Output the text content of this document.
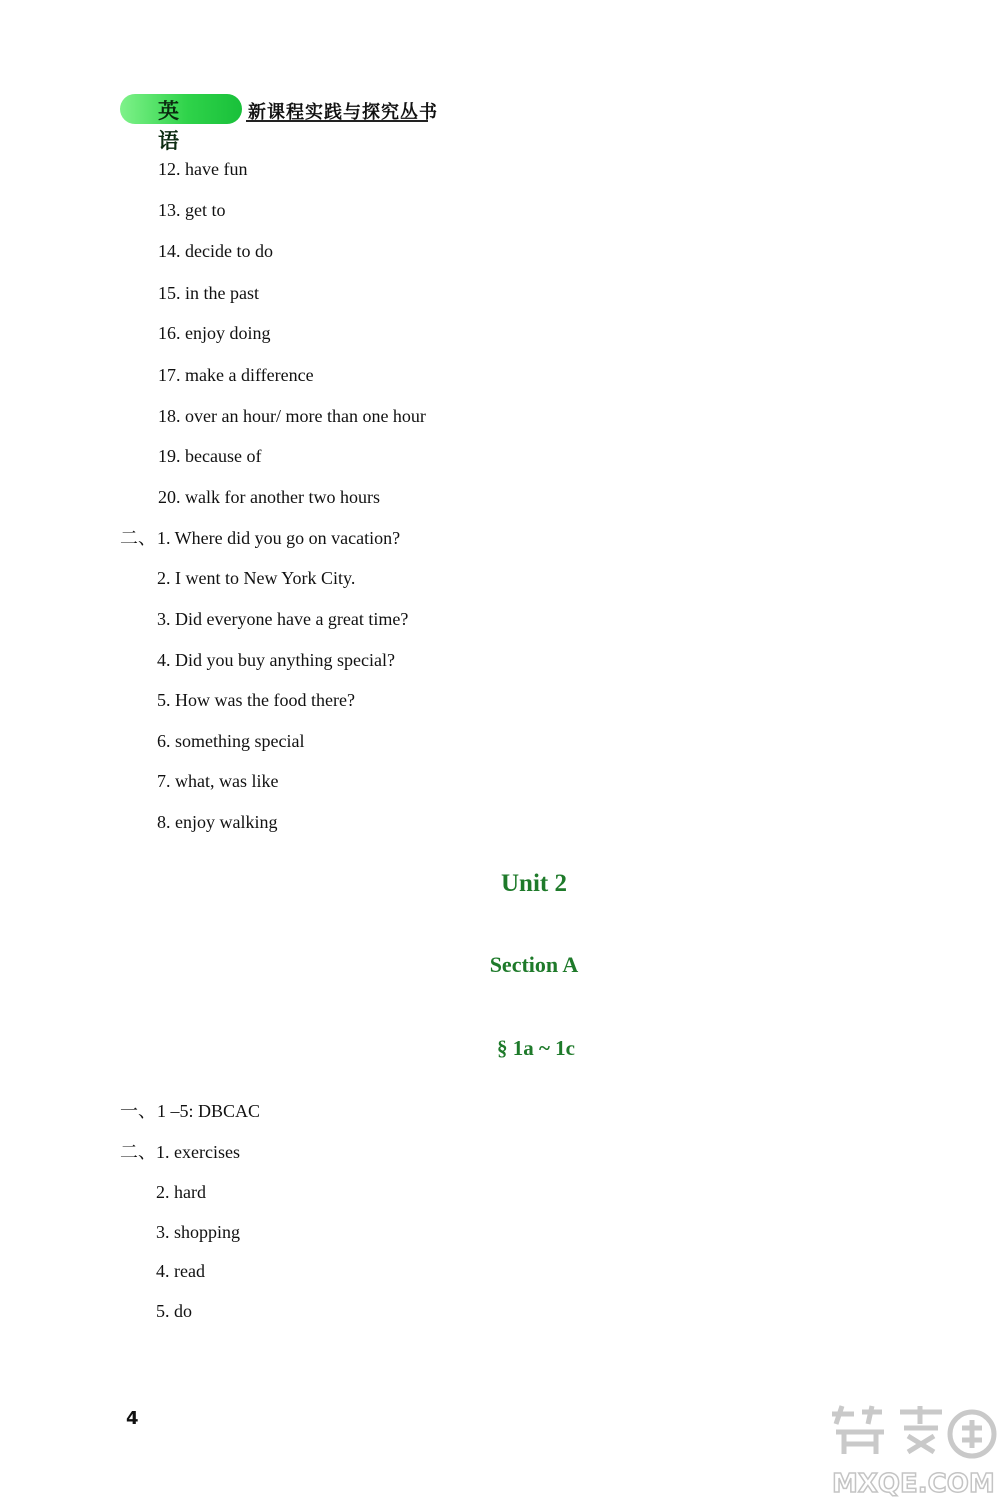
英语
新课程实践与探究丛书
12. have fun
13. get to
14. decide to do
15. in the past
16. enjoy doing
17. make a difference
18. over an hour/ more than one hour
19. because of
20. walk for another two hours
二、 1. Where did you go on vacation?
2. I went to New York City.
3. Did everyone have a great time?
4. Did you buy anything special?
5. How was the food there?
6. something special
7. what, was like
8. enjoy walking
Unit 2
Section A
§ 1a ~ 1c
一、 1 –5: DBCAC
二、 1. exercises
2. hard
3. shopping
4. read
5. do
4
MXQE.COM
